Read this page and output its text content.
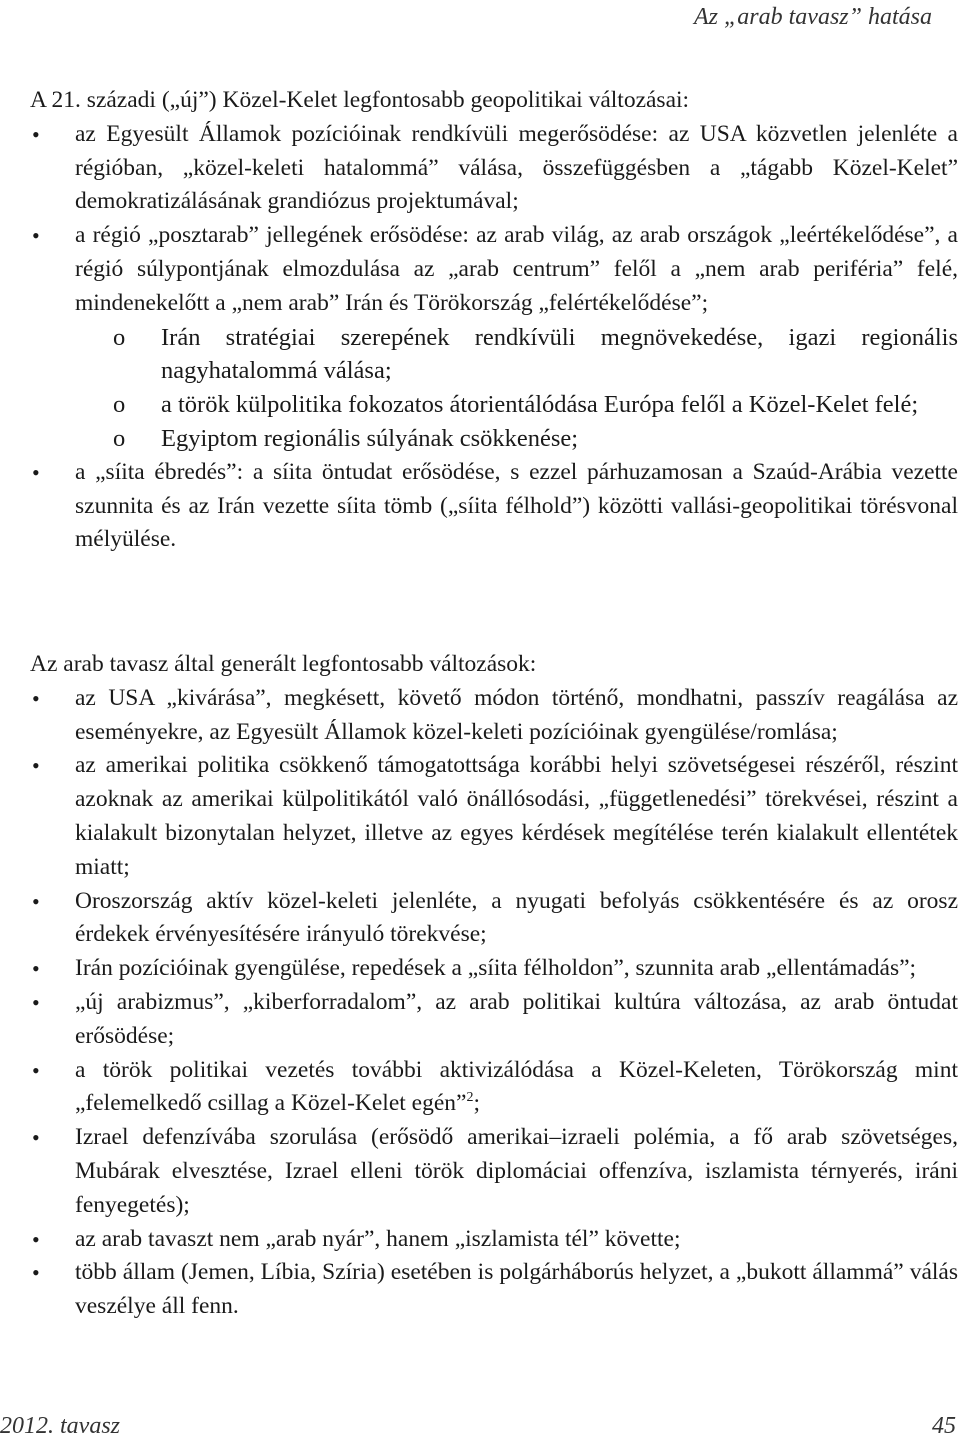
Az „arab tavasz” hatása

A 21. századi („új”) Közel-Kelet legfontosabb geopolitikai változásai:

• az Egyesült Államok pozícióinak rendkívüli megerősödése: az USA közvetlen jelenléte a régióban, „közel-keleti hatalommá” válása, összefüggésben a „tágabb Közel-Kelet” demokratizálásának grandiózus projektumával;
• a régió „posztarab” jellegének erősödése: az arab világ, az arab országok „leértékelődése”, a régió súlypontjának elmozdulása az „arab centrum” felől a „nem arab periféria” felé, mindenekelőtt a „nem arab” Irán és Törökország „felértékelődése”;
o Irán stratégiai szerepének rendkívüli megnövekedése, igazi regionális nagyhatalommá válása;
o a török külpolitika fokozatos átorientálódása Európa felől a Közel-Kelet felé;
o Egyiptom regionális súlyának csökkenése;
• a „síita ébredés”: a síita öntudat erősödése, s ezzel párhuzamosan a Szaúd-Arábia vezette szunnita és az Irán vezette síita tömb („síita félhold”) közötti vallási-geopolitikai törésvonal mélyülése.

Az arab tavasz által generált legfontosabb változások:

• az USA „kivárása”, megkésett, követő módon történő, mondhatni, passzív reagálása az eseményekre, az Egyesült Államok közel-keleti pozícióinak gyengülése/romlása;
• az amerikai politika csökkenő támogatottsága korábbi helyi szövetségesei részéről, részint azoknak az amerikai külpolitikától való önállósodási, „függetlenedési” törekvései, részint a kialakult bizonytalan helyzet, illetve az egyes kérdések megítélése terén kialakult ellentétek miatt;
• Oroszország aktív közel-keleti jelenléte, a nyugati befolyás csökkentésére és az orosz érdekek érvényesítésére irányuló törekvése;
• Irán pozícióinak gyengülése, repedések a „síita félholdon”, szunnita arab „ellentámadás”;
• „új arabizmus”, „kiberforradalom”, az arab politikai kultúra változása, az arab öntudat erősödése;
• a török politikai vezetés további aktivizálódása a Közel-Keleten, Törökország mint „felemelkedő csillag a Közel-Kelet egén”$^2$;
• Izrael defenzívába szorulása (erősödő amerikai–izraeli polémia, a fő arab szövetséges, Mubárak elvesztése, Izrael elleni török diplomáciai offenzíva, iszlamista térnyerés, iráni fenyegetés);
• az arab tavaszt nem „arab nyár”, hanem „iszlamista tél” követte;
• több állam (Jemen, Líbia, Szíria) esetében is polgárháborús helyzet, a „bukott állammá” válás veszélye áll fenn.
2012. tavasz	45
